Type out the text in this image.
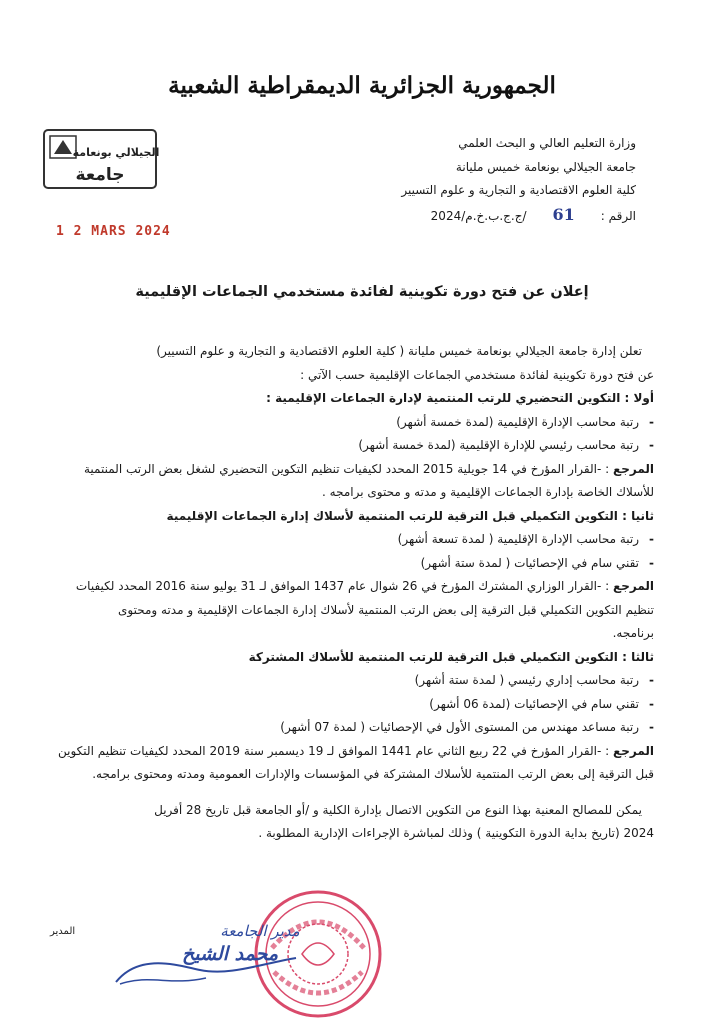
الجمهورية الجزائرية الديمقراطية الشعبية
الجيلالي بونعامة
جامعة
وزارة التعليم العالي و البحث العلمي
جامعة الجيلالي بونعامة خميس مليانة
كلية العلوم الاقتصادية و التجارية و علوم التسيير
الرقم :
61
/ج.ج.ب.خ.م/2024
1 2 MARS 2024
إعلان عن فتح دورة تكوينية لفائدة مستخدمي الجماعات الإقليمية

تعلن إدارة جامعة الجيلالي بونعامة خميس مليانة ( كلية العلوم الاقتصادية و التجارية و علوم التسيير)

عن فتح دورة تكوينية لفائدة مستخدمي الجماعات الإقليمية حسب الآتي :

أولا : التكوين التحضيري للرتب المنتمية لإدارة الجماعات الإقليمية :

- رتبة محاسب الإدارة الإقليمية (لمدة خمسة أشهر)

- رتبة محاسب رئيسي للإدارة الإقليمية (لمدة خمسة أشهر)

المرجع : -القرار المؤرخ في 14 جويلية 2015 المحدد لكيفيات تنظيم التكوين التحضيري لشغل بعض الرتب المنتمية

للأسلاك الخاصة بإدارة الجماعات الإقليمية و مدته و محتوى برامجه .

ثانيا : التكوين التكميلي قبل الترقية للرتب المنتمية لأسلاك إدارة الجماعات الإقليمية

- رتبة محاسب الإدارة الإقليمية ( لمدة تسعة أشهر)

- تقني سام في الإحصائيات ( لمدة ستة أشهر)

المرجع : -القرار الوزاري المشترك المؤرخ في 26 شوال عام 1437 الموافق لـ 31 يوليو سنة 2016 المحدد لكيفيات

تنظيم التكوين التكميلي قبل الترقية إلى بعض الرتب المنتمية لأسلاك إدارة الجماعات الإقليمية و مدته ومحتوى

برنامجه.

ثالثا : التكوين التكميلي قبل الترقية للرتب المنتمية للأسلاك المشتركة

- رتبة محاسب إداري رئيسي ( لمدة ستة أشهر)

- تقني سام في الإحصائيات (لمدة 06 أشهر)

- رتبة مساعد مهندس من المستوى الأول في الإحصائيات ( لمدة 07 أشهر)

المرجع : -القرار المؤرخ في 22 ربيع الثاني عام 1441 الموافق لـ 19 ديسمبر سنة 2019 المحدد لكيفيات تنظيم التكوين

قبل الترقية إلى بعض الرتب المنتمية للأسلاك المشتركة في المؤسسات والإدارات العمومية ومدته ومحتوى برامجه.

يمكن للمصالح المعنية بهذا النوع من التكوين الاتصال بإدارة الكلية و /أو الجامعة قبل تاريخ 28 أفريل

2024 (تاريخ بداية الدورة التكوينية ) وذلك لمباشرة الإجراءات الإدارية المطلوبة .

المدير	مدير الجامعة
محمد الشيخ
